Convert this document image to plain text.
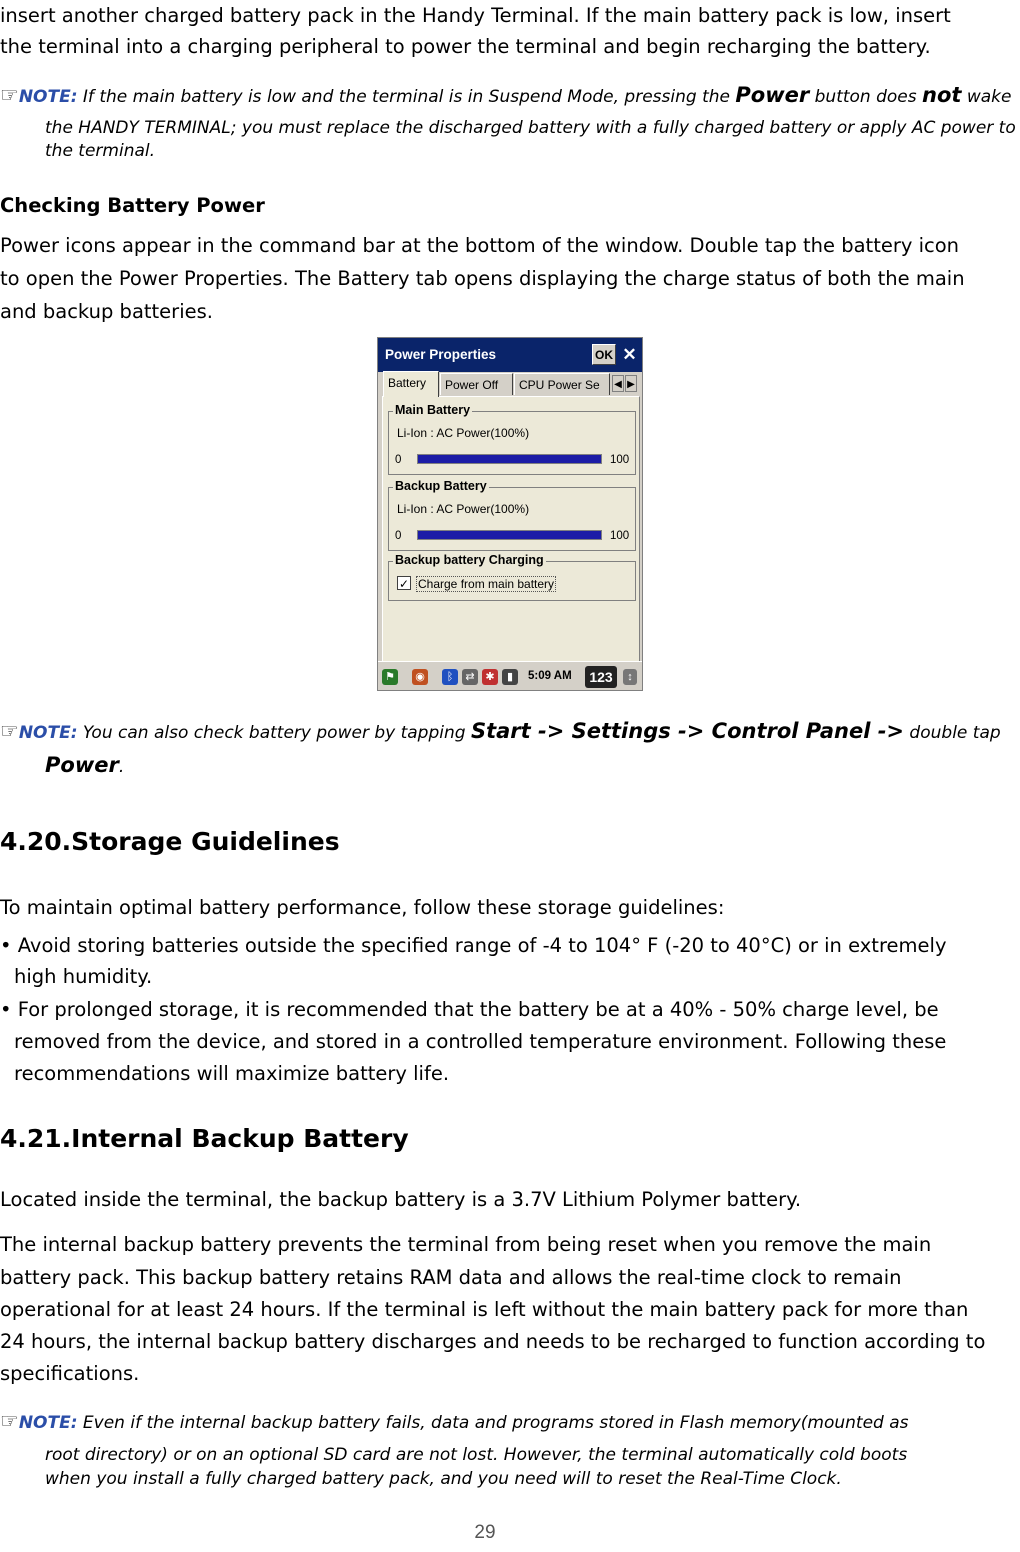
insert another charged battery pack in the Handy Terminal. If the main battery pack is low, insert
the terminal into a charging peripheral to power the terminal and begin recharging the battery.
☞NOTE: If the main battery is low and the terminal is in Suspend Mode, pressing the Power button does not wake
the HANDY TERMINAL; you must replace the discharged battery with a fully charged battery or apply AC power to
the terminal.
Checking Battery Power
Power icons appear in the command bar at the bottom of the window. Double tap the battery icon
to open the Power Properties. The Battery tab opens displaying the charge status of both the main
and backup batteries.
Power Properties	OK ✕
Battery	Power Off	CPU Power Se	◀ ▶
Main Battery
Li-Ion : AC Power(100%)
0	100
Backup Battery
Li-Ion : AC Power(100%)
0	100
Backup battery Charging
✓ Charge from main battery
⚑ ◉	ᛒ	⇄ ✱	▮	5:09 AM	123	↕
☞NOTE: You can also check battery power by tapping Start -> Settings -> Control Panel -> double tap
Power.
4.20.Storage Guidelines
To maintain optimal battery performance, follow these storage guidelines:
• Avoid storing batteries outside the specified range of -4 to 104° F (-20 to 40°C) or in extremely
high humidity.
• For prolonged storage, it is recommended that the battery be at a 40% - 50% charge level, be
removed from the device, and stored in a controlled temperature environment. Following these
recommendations will maximize battery life.
4.21.Internal Backup Battery
Located inside the terminal, the backup battery is a 3.7V Lithium Polymer battery.
The internal backup battery prevents the terminal from being reset when you remove the main
battery pack. This backup battery retains RAM data and allows the real-time clock to remain
operational for at least 24 hours. If the terminal is left without the main battery pack for more than
24 hours, the internal backup battery discharges and needs to be recharged to function according to
specifications.
☞NOTE: Even if the internal backup battery fails, data and programs stored in Flash memory(mounted as
root directory) or on an optional SD card are not lost. However, the terminal automatically cold boots
when you install a fully charged battery pack, and you need will to reset the Real-Time Clock.
29
